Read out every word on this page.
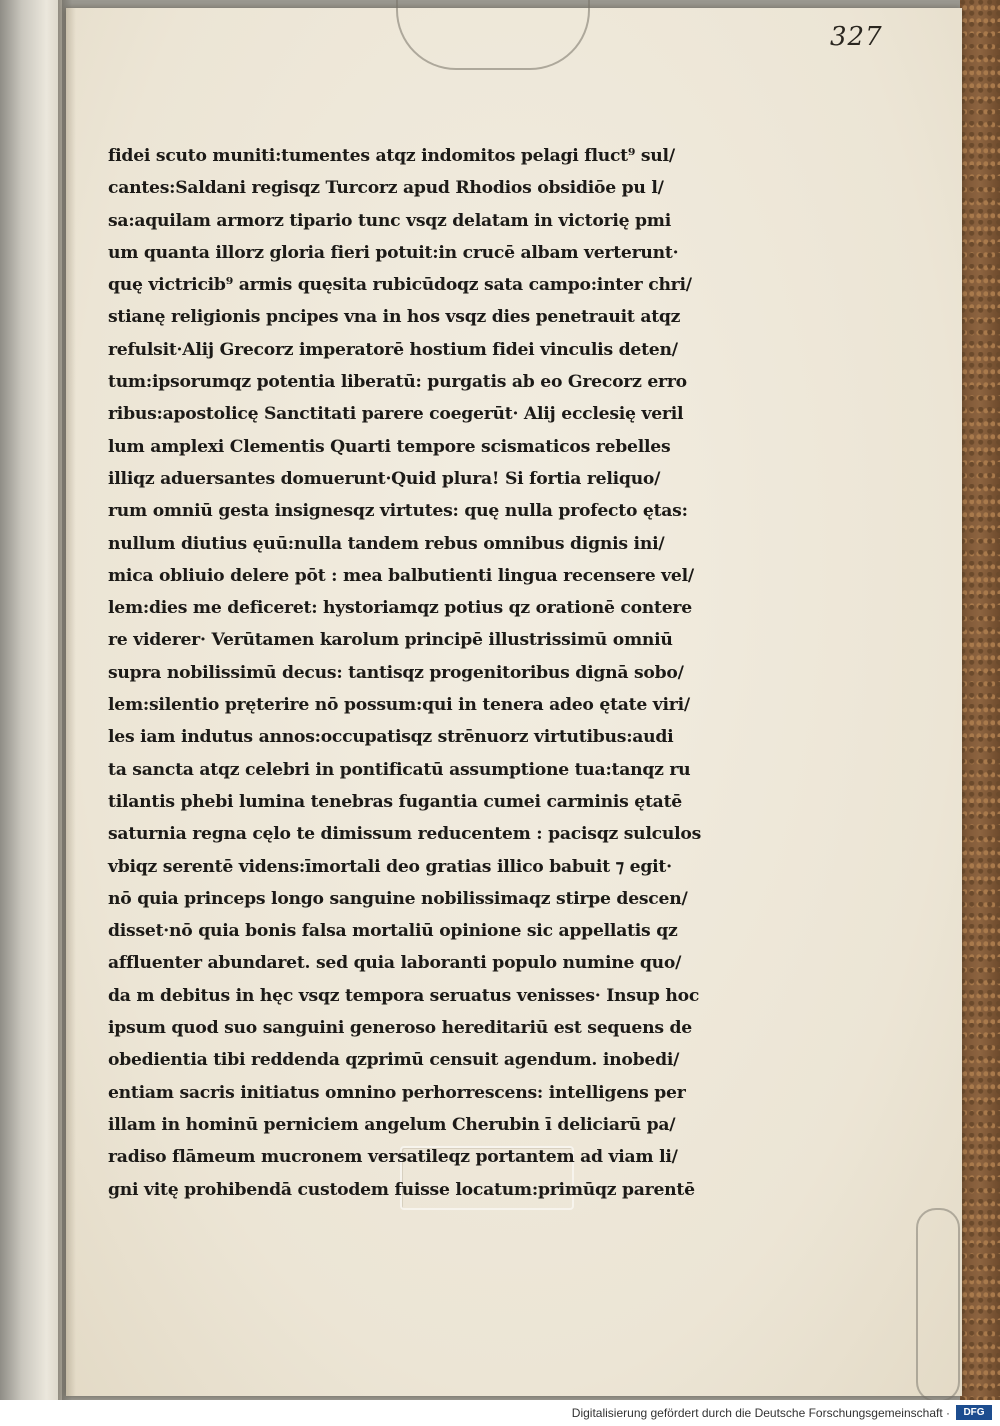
327
fidei scuto muniti:tumentes atqz indomitos pelagi fluct⁹ sul/
cantes:Saldani regisqz Turcorz apud Rhodios obsidiōe pu l/
sa:aquilam armorz tipario tunc vsqz delatam in victorię pmi
um quanta illorz gloria fieri potuit:in crucē albam verterunt·
quę victricib⁹ armis quęsita rubicūdoqz sata campo:inter chri/
stianę religionis pncipes vna in hos vsqz dies penetrauit atqz
refulsit·Alij Grecorz imperatorē hostium fidei vinculis deten/
tum:ipsorumqz potentia liberatū: purgatis ab eo Grecorz erro
ribus:apostolicę Sanctitati parere coegerūt· Alij ecclesię veril
lum amplexi Clementis Quarti tempore scismaticos rebelles
illiqz aduersantes domuerunt·Quid plura! Si fortia reliquo/
rum omniū gesta insignesqz virtutes: quę nulla profecto ętas:
nullum diutius ęuū:nulla tandem rebus omnibus dignis ini/
mica obliuio delere pōt : mea balbutienti lingua recensere vel/
lem:dies me deficeret: hystoriamqz potius qz orationē contere
re viderer· Verūtamen karolum principē illustrissimū omniū
supra nobilissimū decus: tantisqz progenitoribus dignā sobo/
lem:silentio pręterire nō possum:qui in tenera adeo ętate viri/
les iam indutus annos:occupatisqz strēnuorz virtutibus:audi
ta sancta atqz celebri in pontificatū assumptione tua:tanqz ru
tilantis phebi lumina tenebras fugantia cumei carminis ętatē
saturnia regna cęlo te dimissum reducentem : pacisqz sulculos
vbiqz serentē videns:īmortali deo gratias illico babuit ⁊ egit·
nō quia princeps longo sanguine nobilissimaqz stirpe descen/
disset·nō quia bonis falsa mortaliū opinione sic appellatis qz
affluenter abundaret. sed quia laboranti populo numine quo/
da m debitus in hęc vsqz tempora seruatus venisses· Insup hoc
ipsum quod suo sanguini generoso hereditariū est sequens de
obedientia tibi reddenda qzprimū censuit agendum. inobedi/
entiam sacris initiatus omnino perhorrescens: intelligens per
illam in hominū perniciem angelum Cherubin ī deliciarū pa/
radiso flāmeum mucronem versatileqz portantem ad viam li/
gni vitę prohibendā custodem fuisse locatum:primūqz parentē
Digitalisierung gefördert durch die Deutsche Forschungsgemeinschaft ·	DFG
